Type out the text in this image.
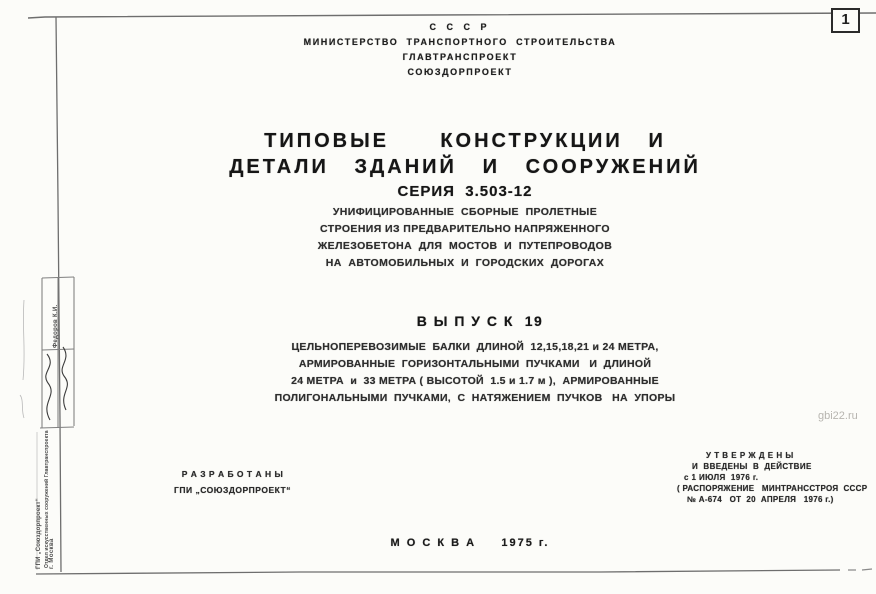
1
С С С Р
МИНИСТЕРСТВО  ТРАНСПОРТНОГО  СТРОИТЕЛЬСТВА
ГЛАВТРАНСПРОЕКТ
СОЮЗДОРПРОЕКТ
ТИПОВЫЕ      КОНСТРУКЦИИ   И
ДЕТАЛИ   ЗДАНИЙ   И   СООРУЖЕНИЙ
СЕРИЯ  3.503-12
УНИФИЦИРОВАННЫЕ  СБОРНЫЕ  ПРОЛЕТНЫЕ
СТРОЕНИЯ ИЗ ПРЕДВАРИТЕЛЬНО НАПРЯЖЕННОГО
ЖЕЛЕЗОБЕТОНА  ДЛЯ  МОСТОВ  И  ПУТЕПРОВОДОВ
НА  АВТОМОБИЛЬНЫХ  И  ГОРОДСКИХ  ДОРОГАХ
В Ы П У С К  19
ЦЕЛЬНОПЕРЕВОЗИМЫЕ  БАЛКИ  ДЛИНОЙ  12,15,18,21 и 24 МЕТРА,
АРМИРОВАННЫЕ  ГОРИЗОНТАЛЬНЫМИ  ПУЧКАМИ   И  ДЛИНОЙ
24 МЕТРА  и  33 МЕТРА ( ВЫСОТОЙ  1.5 и 1.7 м ),  АРМИРОВАННЫЕ
ПОЛИГОНАЛЬНЫМИ  ПУЧКАМИ,  С  НАТЯЖЕНИЕМ  ПУЧКОВ   НА  УПОРЫ
Р А З Р А Б О Т А Н Ы
ГПИ „СОЮЗДОРПРОЕКТ“
У Т В Е Р Ж Д Е Н Ы
И  ВВЕДЕНЫ  В  ДЕЙСТВИЕ
с 1 ИЮЛЯ  1976 г.
( РАСПОРЯЖЕНИЕ   МИНТРАНССТРОЯ  СССР
№ А-674   ОТ  20  АПРЕЛЯ   1976 г.)
М О С К В А     1975 г.
gbi22.ru
Федоров К.И.
ГПИ „Союздорпроект“ Отдел искусственных сооружений Главтранспроекта г. Москва
